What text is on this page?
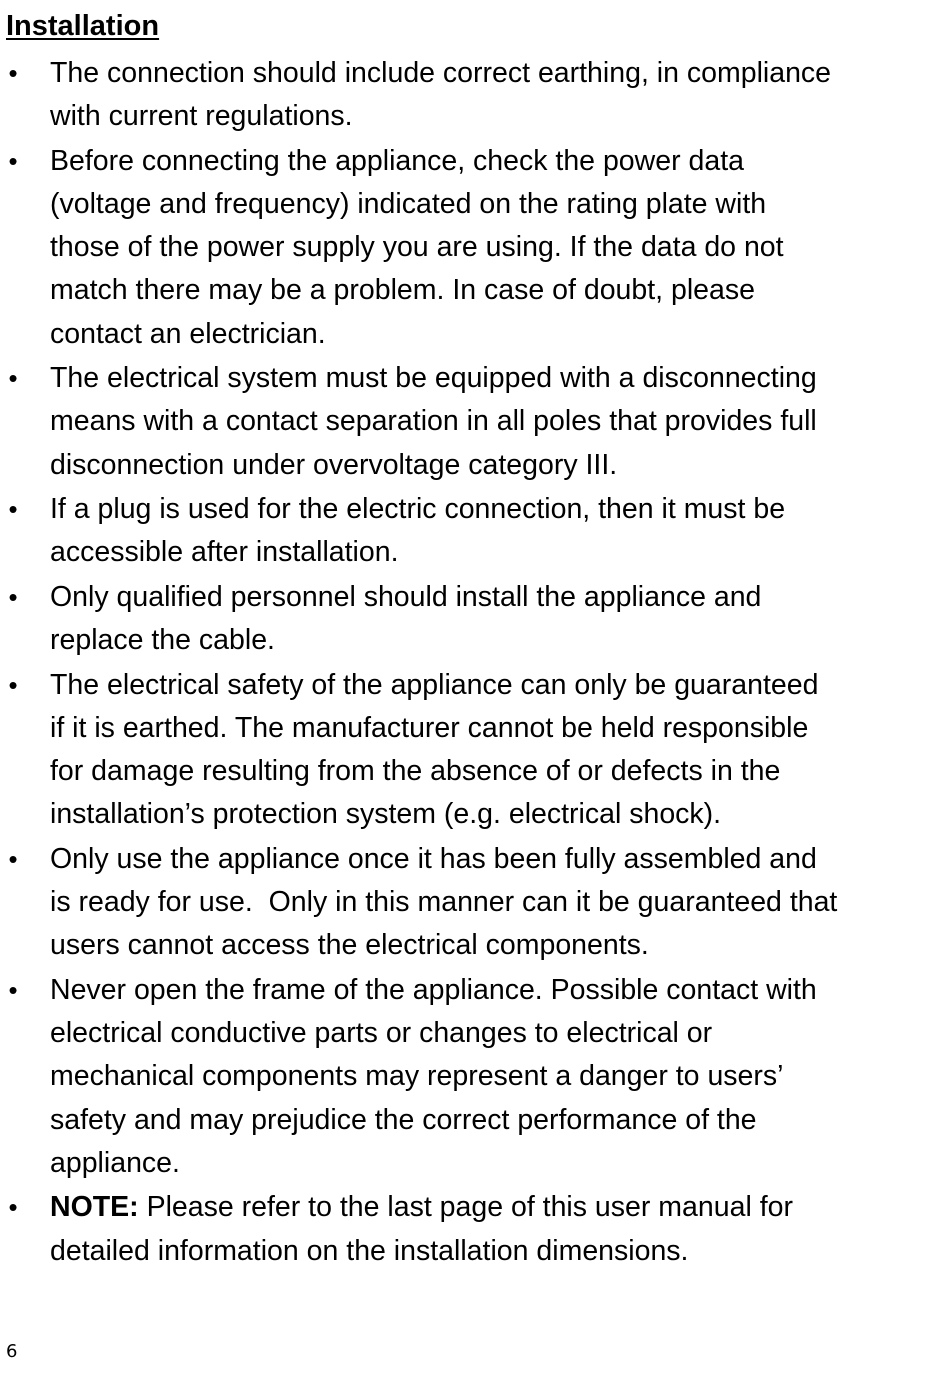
Installation
• The connection should include correct earthing, in compliance
with current regulations.
• Before connecting the appliance, check the power data
(voltage and frequency) indicated on the rating plate with
those of the power supply you are using. If the data do not
match there may be a problem. In case of doubt, please
contact an electrician.
• The electrical system must be equipped with a disconnecting
means with a contact separation in all poles that provides full
disconnection under overvoltage category III.
• If a plug is used for the electric connection, then it must be
accessible after installation.
• Only qualified personnel should install the appliance and
replace the cable.
• The electrical safety of the appliance can only be guaranteed
if it is earthed. The manufacturer cannot be held responsible
for damage resulting from the absence of or defects in the
installation’s protection system (e.g. electrical shock).
• Only use the appliance once it has been fully assembled and
is ready for use.  Only in this manner can it be guaranteed that
users cannot access the electrical components.
• Never open the frame of the appliance. Possible contact with
electrical conductive parts or changes to electrical or
mechanical components may represent a danger to users’
safety and may prejudice the correct performance of the
appliance.
• NOTE: Please refer to the last page of this user manual for
detailed information on the installation dimensions.
6
